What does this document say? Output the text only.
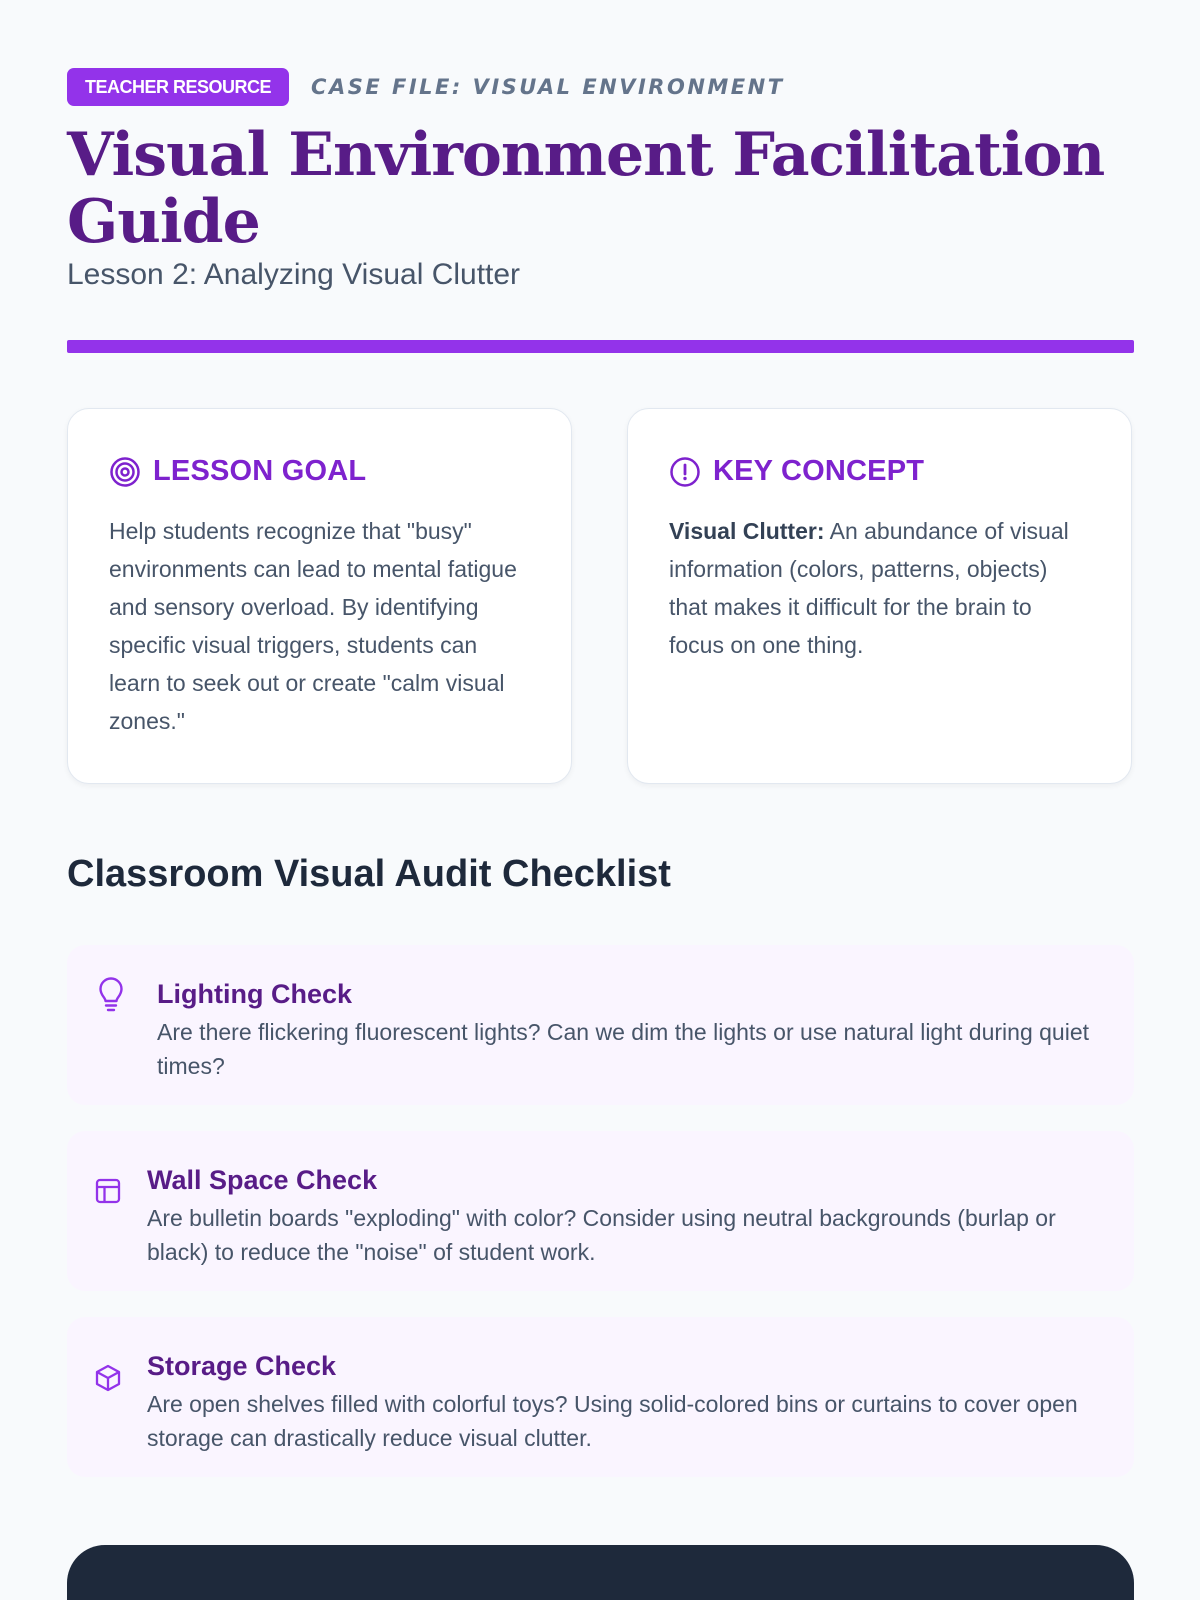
TEACHER RESOURCE	CASE FILE: VISUAL ENVIRONMENT
Visual Environment Facilitation Guide

Lesson 2: Analyzing Visual Clutter

LESSON GOAL

Help students recognize that "busy" environments can lead to mental fatigue and sensory overload. By identifying specific visual triggers, students can learn to seek out or create "calm visual zones."

KEY CONCEPT

Visual Clutter: An abundance of visual information (colors, patterns, objects) that makes it difficult for the brain to focus on one thing.

Classroom Visual Audit Checklist

Lighting Check

Are there flickering fluorescent lights? Can we dim the lights or use natural light during quiet times?

Wall Space Check

Are bulletin boards "exploding" with color? Consider using neutral backgrounds (burlap or black) to reduce the "noise" of student work.

Storage Check

Are open shelves filled with colorful toys? Using solid-colored bins or curtains to cover open storage can drastically reduce visual clutter.
